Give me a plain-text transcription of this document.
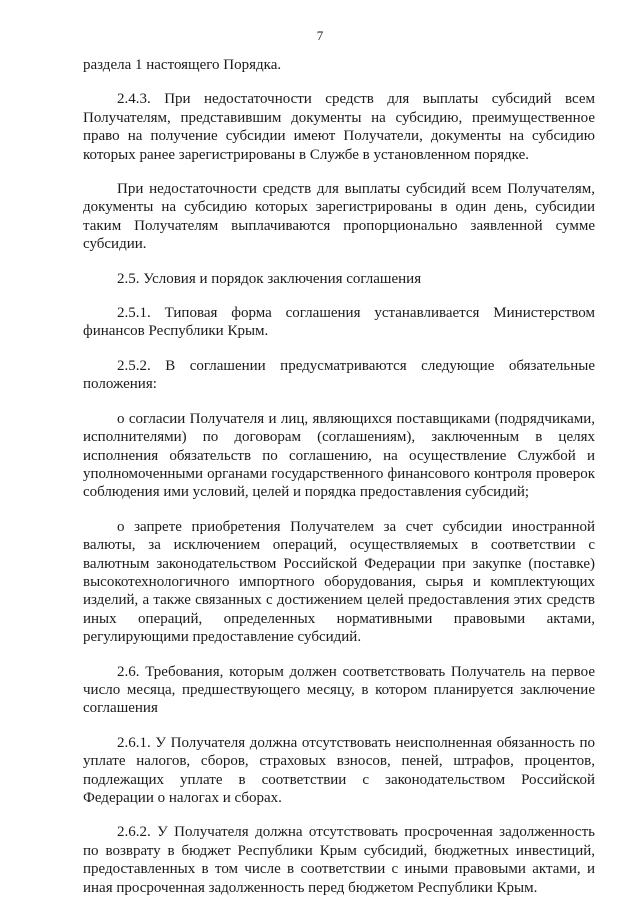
7

раздела 1 настоящего Порядка.

2.4.3. При недостаточности средств для выплаты субсидий всем Получателям, представившим документы на субсидию, преимущественное право на получение субсидии имеют Получатели, документы на субсидию которых ранее зарегистрированы в Службе в установленном порядке.

При недостаточности средств для выплаты субсидий всем Получателям, документы на субсидию которых зарегистрированы в один день, субсидии таким Получателям выплачиваются пропорционально заявленной сумме субсидии.

2.5. Условия и порядок заключения соглашения

2.5.1. Типовая форма соглашения устанавливается Министерством финансов Республики Крым.

2.5.2. В соглашении предусматриваются следующие обязательные положения:

о согласии Получателя и лиц, являющихся поставщиками (подрядчиками, исполнителями) по договорам (соглашениям), заключенным в целях исполнения обязательств по соглашению, на осуществление Службой и уполномоченными органами государственного финансового контроля проверок соблюдения ими условий, целей и порядка предоставления субсидий;

о запрете приобретения Получателем за счет субсидии иностранной валюты, за исключением операций, осуществляемых в соответствии с валютным законодательством Российской Федерации при закупке (поставке) высокотехнологичного импортного оборудования, сырья и комплектующих изделий, а также связанных с достижением целей предоставления этих средств иных операций, определенных нормативными правовыми актами, регулирующими предоставление субсидий.

2.6. Требования, которым должен соответствовать Получатель на первое число месяца, предшествующего месяцу, в котором планируется заключение соглашения

2.6.1. У Получателя должна отсутствовать неисполненная обязанность по уплате налогов, сборов, страховых взносов, пеней, штрафов, процентов, подлежащих уплате в соответствии с законодательством Российской Федерации о налогах и сборах.

2.6.2. У Получателя должна отсутствовать просроченная задолженность по возврату в бюджет Республики Крым субсидий, бюджетных инвестиций, предоставленных в том числе в соответствии с иными правовыми актами, и иная просроченная задолженность перед бюджетом Республики Крым.
